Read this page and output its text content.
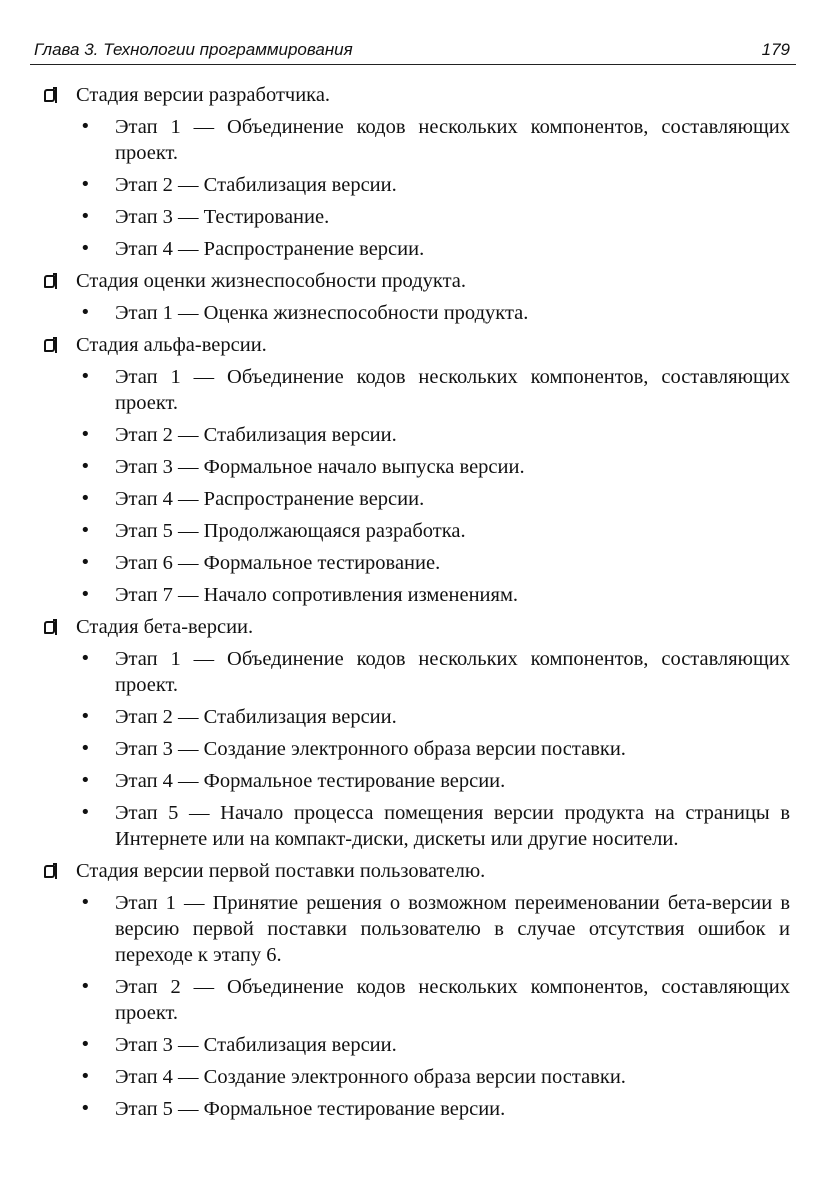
Глава 3. Технологии программирования	179
Стадия версии разработчика.
• Этап 1 — Объединение кодов нескольких компонентов, составляющих проект.
• Этап 2 — Стабилизация версии.
• Этап 3 — Тестирование.
• Этап 4 — Распространение версии.
Стадия оценки жизнеспособности продукта.
• Этап 1 — Оценка жизнеспособности продукта.
Стадия альфа-версии.
• Этап 1 — Объединение кодов нескольких компонентов, составляющих проект.
• Этап 2 — Стабилизация версии.
• Этап 3 — Формальное начало выпуска версии.
• Этап 4 — Распространение версии.
• Этап 5 — Продолжающаяся разработка.
• Этап 6 — Формальное тестирование.
• Этап 7 — Начало сопротивления изменениям.
Стадия бета-версии.
• Этап 1 — Объединение кодов нескольких компонентов, составляющих проект.
• Этап 2 — Стабилизация версии.
• Этап 3 — Создание электронного образа версии поставки.
• Этап 4 — Формальное тестирование версии.
• Этап 5 — Начало процесса помещения версии продукта на страницы в Интернете или на компакт-диски, дискеты или другие носители.
Стадия версии первой поставки пользователю.
• Этап 1 — Принятие решения о возможном переименовании бета-версии в версию первой поставки пользователю в случае отсутствия ошибок и переходе к этапу 6.
• Этап 2 — Объединение кодов нескольких компонентов, составляющих проект.
• Этап 3 — Стабилизация версии.
• Этап 4 — Создание электронного образа версии поставки.
• Этап 5 — Формальное тестирование версии.
